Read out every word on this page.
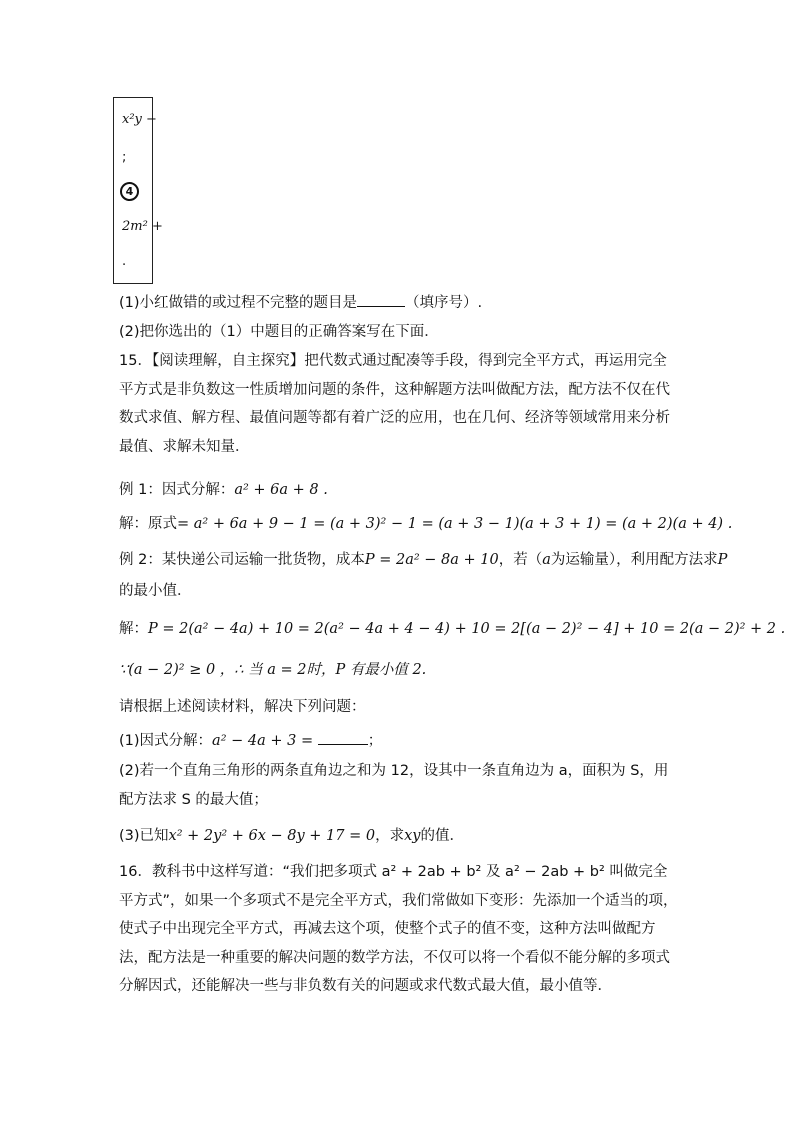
x²y −
;
4
2m² +
.
(1)小红做错的或过程不完整的题目是	（填序号）.
(2)把你选出的（1）中题目的正确答案写在下面．
15．【阅读理解，自主探究】把代数式通过配凑等手段，得到完全平方式，再运用完全平方式是非负数这一性质增加问题的条件，这种解题方法叫做配方法，配方法不仅在代数式求值、解方程、最值问题等都有着广泛的应用，也在几何、经济等领域常用来分析最值、求解未知量．
例 1：因式分解：a² + 6a + 8 .
解：原式= a² + 6a + 9 − 1 = (a + 3)² − 1 = (a + 3 − 1)(a + 3 + 1) = (a + 2)(a + 4) .
例 2：某快递公司运输一批货物，成本P = 2a² − 8a + 10，若（a为运输量），利用配方法求P
的最小值．
解：P = 2(a² − 4a) + 10 = 2(a² − 4a + 4 − 4) + 10 = 2[(a − 2)² − 4] + 10 = 2(a − 2)² + 2 .
∵(a − 2)² ≥ 0 ，∴ 当 a = 2时，P 有最小值 2.
请根据上述阅读材料，解决下列问题：
(1)因式分解：a² − 4a + 3 =	；
(2)若一个直角三角形的两条直角边之和为 12，设其中一条直角边为 a，面积为 S，用配方法求 S 的最大值；
(3)已知x² + 2y² + 6x − 8y + 17 = 0，求xy的值．
16．教科书中这样写道：“我们把多项式 a² + 2ab + b² 及 a² − 2ab + b² 叫做完全平方式”，如果一个多项式不是完全平方式，我们常做如下变形：先添加一个适当的项，使式子中出现完全平方式，再减去这个项，使整个式子的值不变，这种方法叫做配方法，配方法是一种重要的解决问题的数学方法，不仅可以将一个看似不能分解的多项式分解因式，还能解决一些与非负数有关的问题或求代数式最大值，最小值等．
